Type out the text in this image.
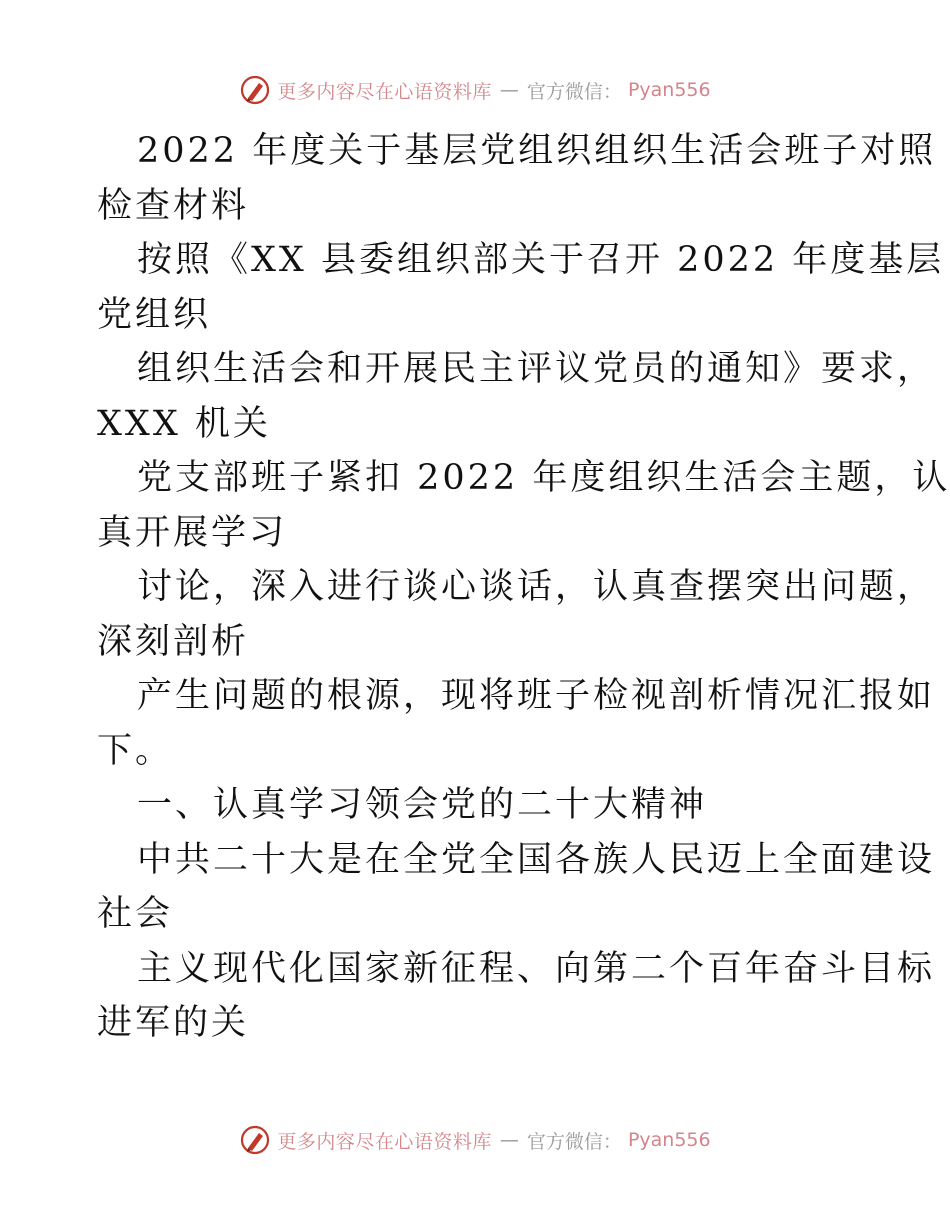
更多内容尽在心语资料库 — 官方微信： Pyan556
2022 年度关于基层党组织组织生活会班子对照
检查材料
按照《XX 县委组织部关于召开 2022 年度基层
党组织
组织生活会和开展民主评议党员的通知》要求，
XXX 机关
党支部班子紧扣 2022 年度组织生活会主题，认
真开展学习
讨论，深入进行谈心谈话，认真查摆突出问题，
深刻剖析
产生问题的根源，现将班子检视剖析情况汇报如
下。
一、认真学习领会党的二十大精神
中共二十大是在全党全国各族人民迈上全面建设
社会
主义现代化国家新征程、向第二个百年奋斗目标
进军的关
更多内容尽在心语资料库 — 官方微信： Pyan556
